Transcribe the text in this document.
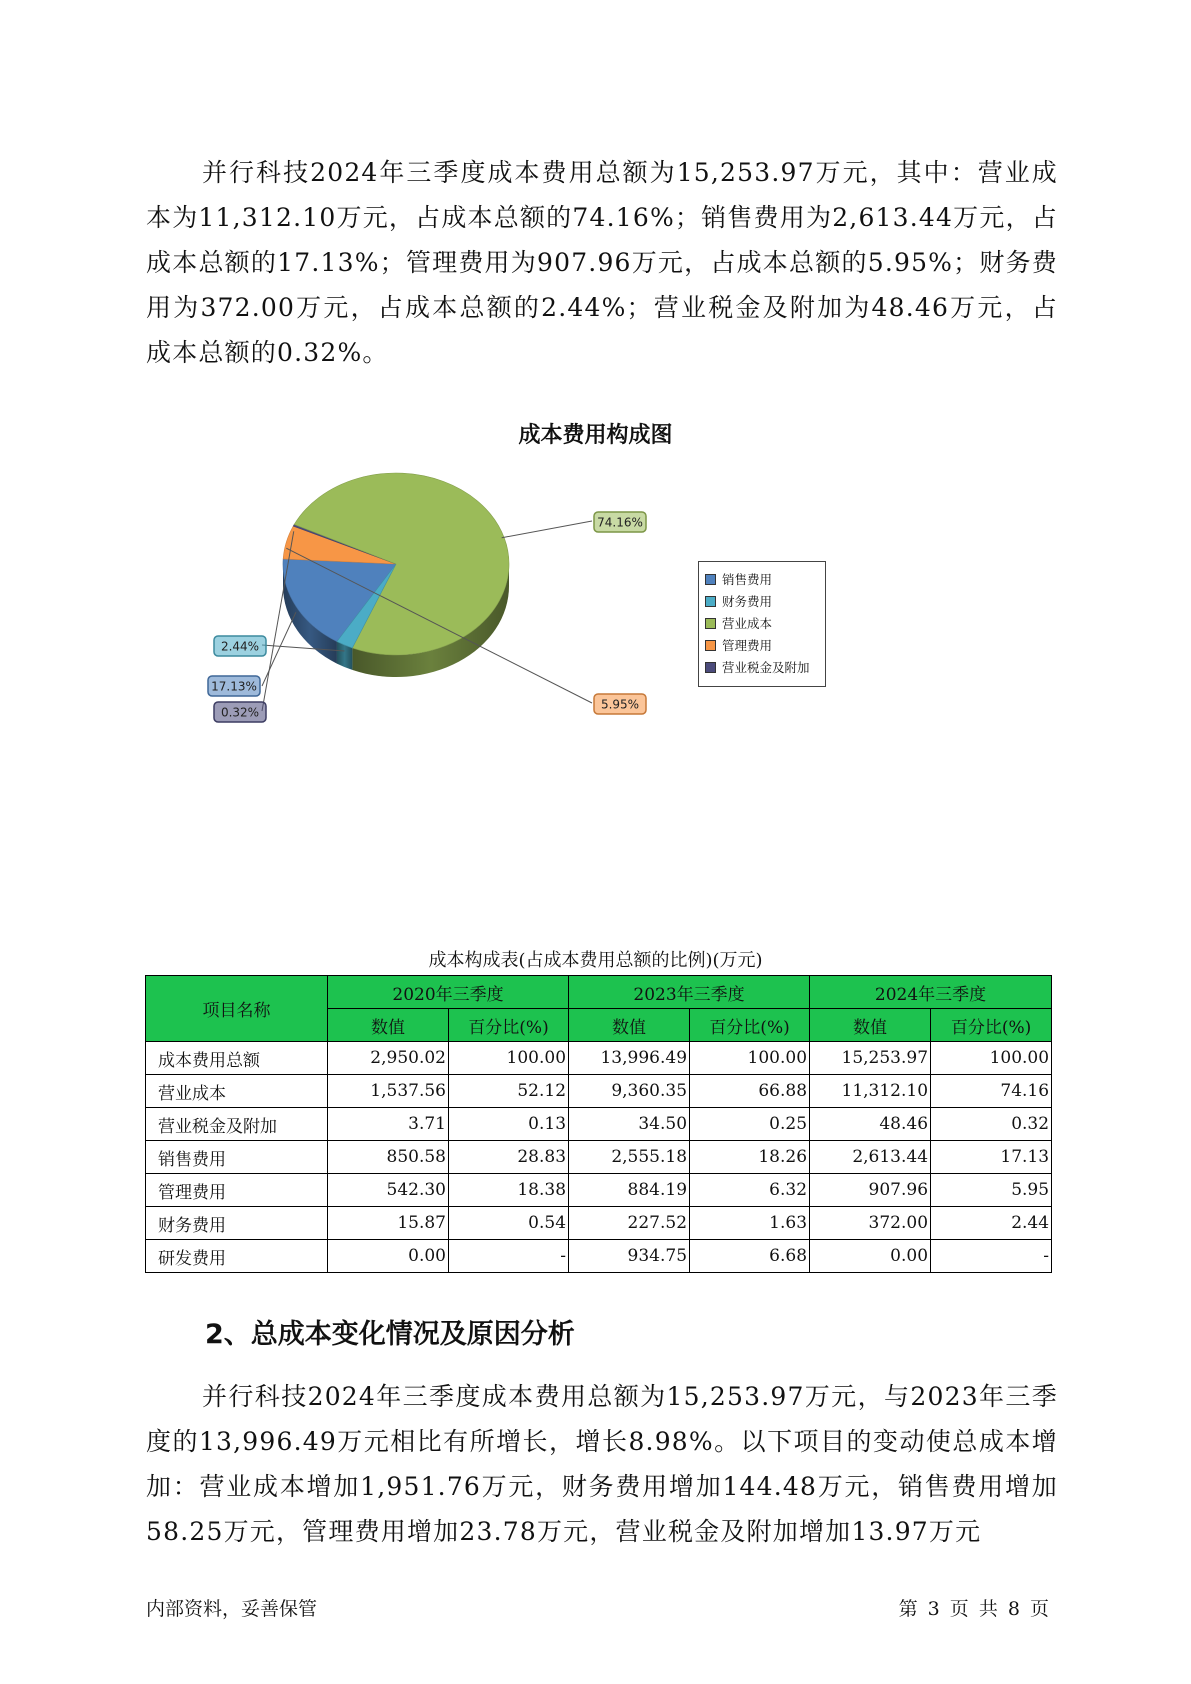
并行科技2024年三季度成本费用总额为15,253.97万元，其中：营业成本为11,312.10万元，占成本总额的74.16%；销售费用为2,613.44万元，占成本总额的17.13%；管理费用为907.96万元，占成本总额的5.95%；财务费用为372.00万元，占成本总额的2.44%；营业税金及附加为48.46万元，占成本总额的0.32%。

成本费用构成图
17.13%
5.95%
0.32%
74.16%
2.44%
销售费用
财务费用
营业成本
管理费用
营业税金及附加

成本构成表(占成本费用总额的比例)(万元)

项目名称	2020年三季度		2023年三季度		2024年三季度	
	数值	百分比(%)	数值	百分比(%)	数值	百分比(%)
成本费用总额	2,950.02	100.00	13,996.49	100.00	15,253.97	100.00
营业成本	1,537.56	52.12	9,360.35	66.88	11,312.10	74.16
营业税金及附加	3.71	0.13	34.50	0.25	48.46	0.32
销售费用	850.58	28.83	2,555.18	18.26	2,613.44	17.13
管理费用	542.30	18.38	884.19	6.32	907.96	5.95
财务费用	15.87	0.54	227.52	1.63	372.00	2.44
研发费用	0.00	-	934.75	6.68	0.00	-
2、总成本变化情况及原因分析

并行科技2024年三季度成本费用总额为15,253.97万元，与2023年三季度的13,996.49万元相比有所增长，增长8.98%。以下项目的变动使总成本增加：营业成本增加1,951.76万元，财务费用增加144.48万元，销售费用增加58.25万元，管理费用增加23.78万元，营业税金及附加增加13.97万元

内部资料，妥善保管	第 3 页 共 8 页
